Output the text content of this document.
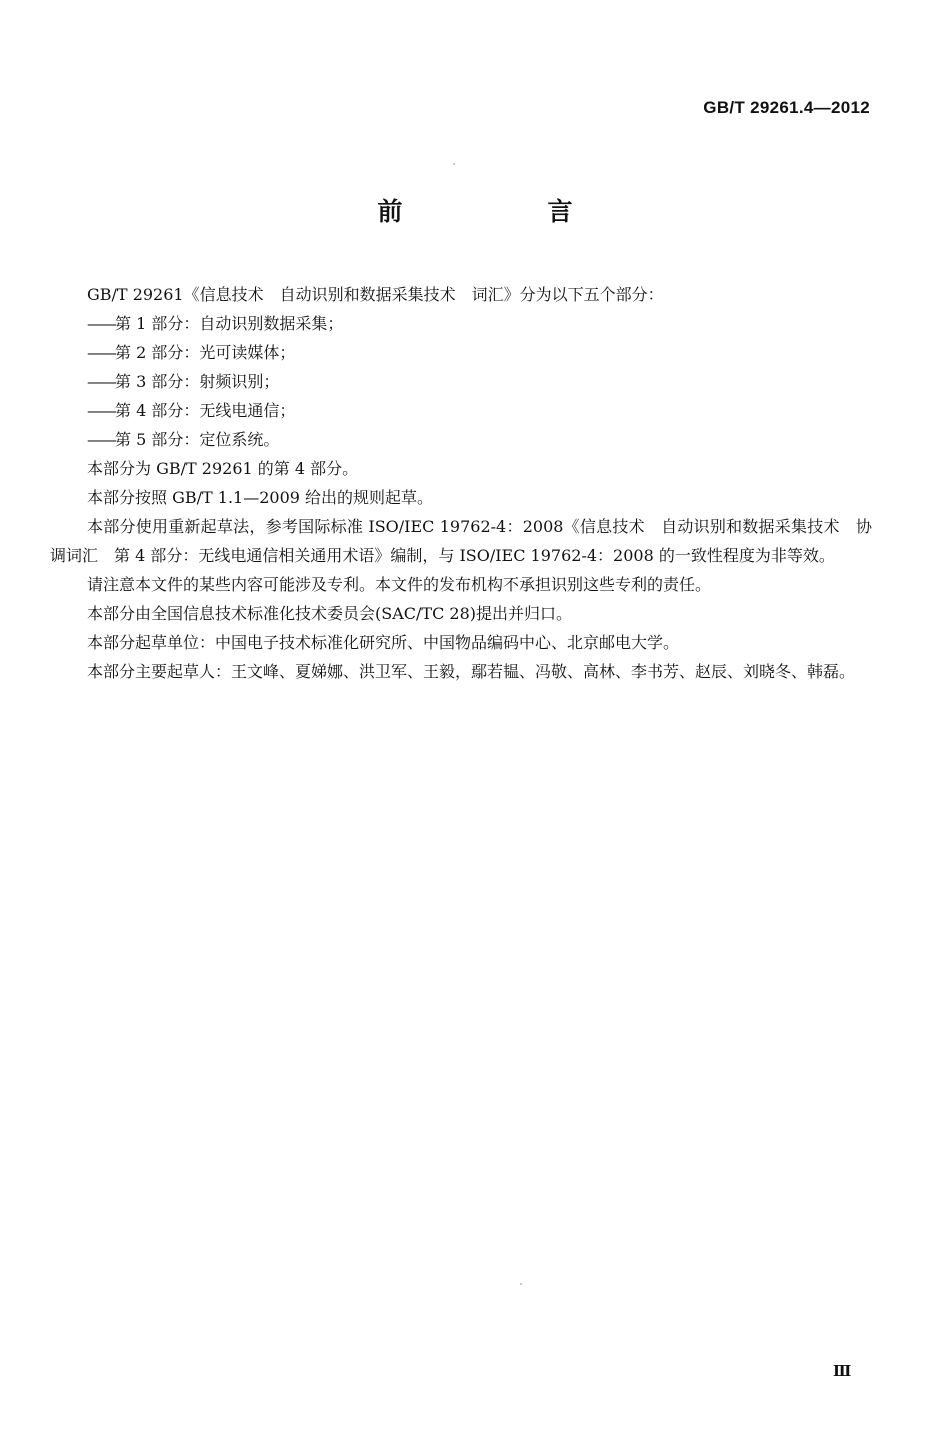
GB/T 29261.4—2012
前　言

GB/T 29261《信息技术　自动识别和数据采集技术　词汇》分为以下五个部分：

——第 1 部分：自动识别数据采集；

——第 2 部分：光可读媒体；

——第 3 部分：射频识别；

——第 4 部分：无线电通信；

——第 5 部分：定位系统。

本部分为 GB/T 29261 的第 4 部分。

本部分按照 GB/T 1.1—2009 给出的规则起草。

本部分使用重新起草法，参考国际标准 ISO/IEC 19762-4：2008《信息技术　自动识别和数据采集技术　协调词汇　第 4 部分：无线电通信相关通用术语》编制，与 ISO/IEC 19762-4：2008 的一致性程度为非等效。

请注意本文件的某些内容可能涉及专利。本文件的发布机构不承担识别这些专利的责任。

本部分由全国信息技术标准化技术委员会(SAC/TC 28)提出并归口。

本部分起草单位：中国电子技术标准化研究所、中国物品编码中心、北京邮电大学。

本部分主要起草人：王文峰、夏娣娜、洪卫军、王毅，鄢若韫、冯敬、高林、李书芳、赵辰、刘晓冬、韩磊。

Ⅲ
